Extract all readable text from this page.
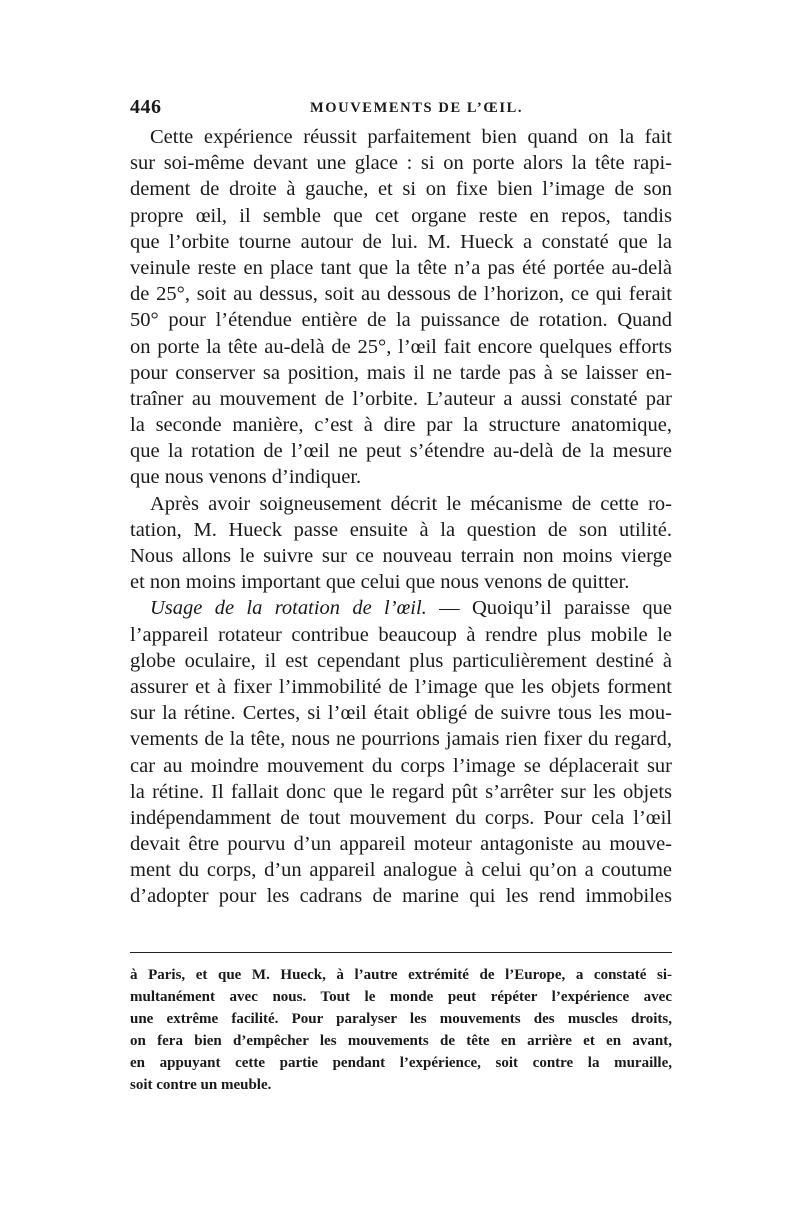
446	MOUVEMENTS DE L’ŒIL.
Cette expérience réussit parfaitement bien quand on la fait
sur soi-même devant une glace : si on porte alors la tête rapi-
dement de droite à gauche, et si on fixe bien l’image de son
propre œil, il semble que cet organe reste en repos, tandis
que l’orbite tourne autour de lui. M. Hueck a constaté que la
veinule reste en place tant que la tête n’a pas été portée au-delà
de 25°, soit au dessus, soit au dessous de l’horizon, ce qui ferait
50° pour l’étendue entière de la puissance de rotation. Quand
on porte la tête au-delà de 25°, l’œil fait encore quelques efforts
pour conserver sa position, mais il ne tarde pas à se laisser en-
traîner au mouvement de l’orbite. L’auteur a aussi constaté par
la seconde manière, c’est à dire par la structure anatomique,
que la rotation de l’œil ne peut s’étendre au-delà de la mesure
que nous venons d’indiquer.
Après avoir soigneusement décrit le mécanisme de cette ro-
tation, M. Hueck passe ensuite à la question de son utilité.
Nous allons le suivre sur ce nouveau terrain non moins vierge
et non moins important que celui que nous venons de quitter.
Usage de la rotation de l’œil. — Quoiqu’il paraisse que
l’appareil rotateur contribue beaucoup à rendre plus mobile le
globe oculaire, il est cependant plus particulièrement destiné à
assurer et à fixer l’immobilité de l’image que les objets forment
sur la rétine. Certes, si l’œil était obligé de suivre tous les mou-
vements de la tête, nous ne pourrions jamais rien fixer du regard,
car au moindre mouvement du corps l’image se déplacerait sur
la rétine. Il fallait donc que le regard pût s’arrêter sur les objets
indépendamment de tout mouvement du corps. Pour cela l’œil
devait être pourvu d’un appareil moteur antagoniste au mouve-
ment du corps, d’un appareil analogue à celui qu’on a coutume
d’adopter pour les cadrans de marine qui les rend immobiles
à Paris, et que M. Hueck, à l’autre extrémité de l’Europe, a constaté si-
multanément avec nous. Tout le monde peut répéter l’expérience avec
une extrême facilité. Pour paralyser les mouvements des muscles droits,
on fera bien d’empêcher les mouvements de tête en arrière et en avant,
en appuyant cette partie pendant l’expérience, soit contre la muraille,
soit contre un meuble.
